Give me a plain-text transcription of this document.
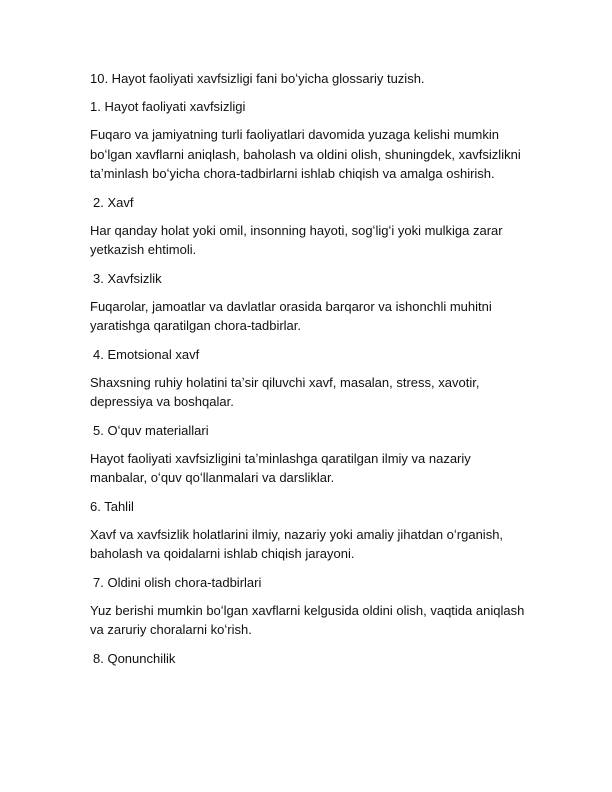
10. Hayot faoliyati xavfsizligi fani boʻyicha glossariy tuzish.

1. Hayot faoliyati xavfsizligi

Fuqaro va jamiyatning turli faoliyatlari davomida yuzaga kelishi mumkin boʻlgan xavflarni aniqlash, baholash va oldini olish, shuningdek, xavfsizlikni taʼminlash boʻyicha chora-tadbirlarni ishlab chiqish va amalga oshirish.

2. Xavf

Har qanday holat yoki omil, insonning hayoti, sogʻligʻi yoki mulkiga zarar yetkazish ehtimoli.

3. Xavfsizlik

Fuqarolar, jamoatlar va davlatlar orasida barqaror va ishonchli muhitni yaratishga qaratilgan chora-tadbirlar.

4. Emotsional xavf

Shaxsning ruhiy holatini taʼsir qiluvchi xavf, masalan, stress, xavotir, depressiya va boshqalar.

5. Oʻquv materiallari

Hayot faoliyati xavfsizligini taʼminlashga qaratilgan ilmiy va nazariy manbalar, oʻquv qoʻllanmalari va darsliklar.

6. Tahlil

Xavf va xavfsizlik holatlarini ilmiy, nazariy yoki amaliy jihatdan oʻrganish, baholash va qoidalarni ishlab chiqish jarayoni.

7. Oldini olish chora-tadbirlari

Yuz berishi mumkin boʻlgan xavflarni kelgusida oldini olish, vaqtida aniqlash va zaruriy choralarni koʻrish.

8. Qonunchilik
